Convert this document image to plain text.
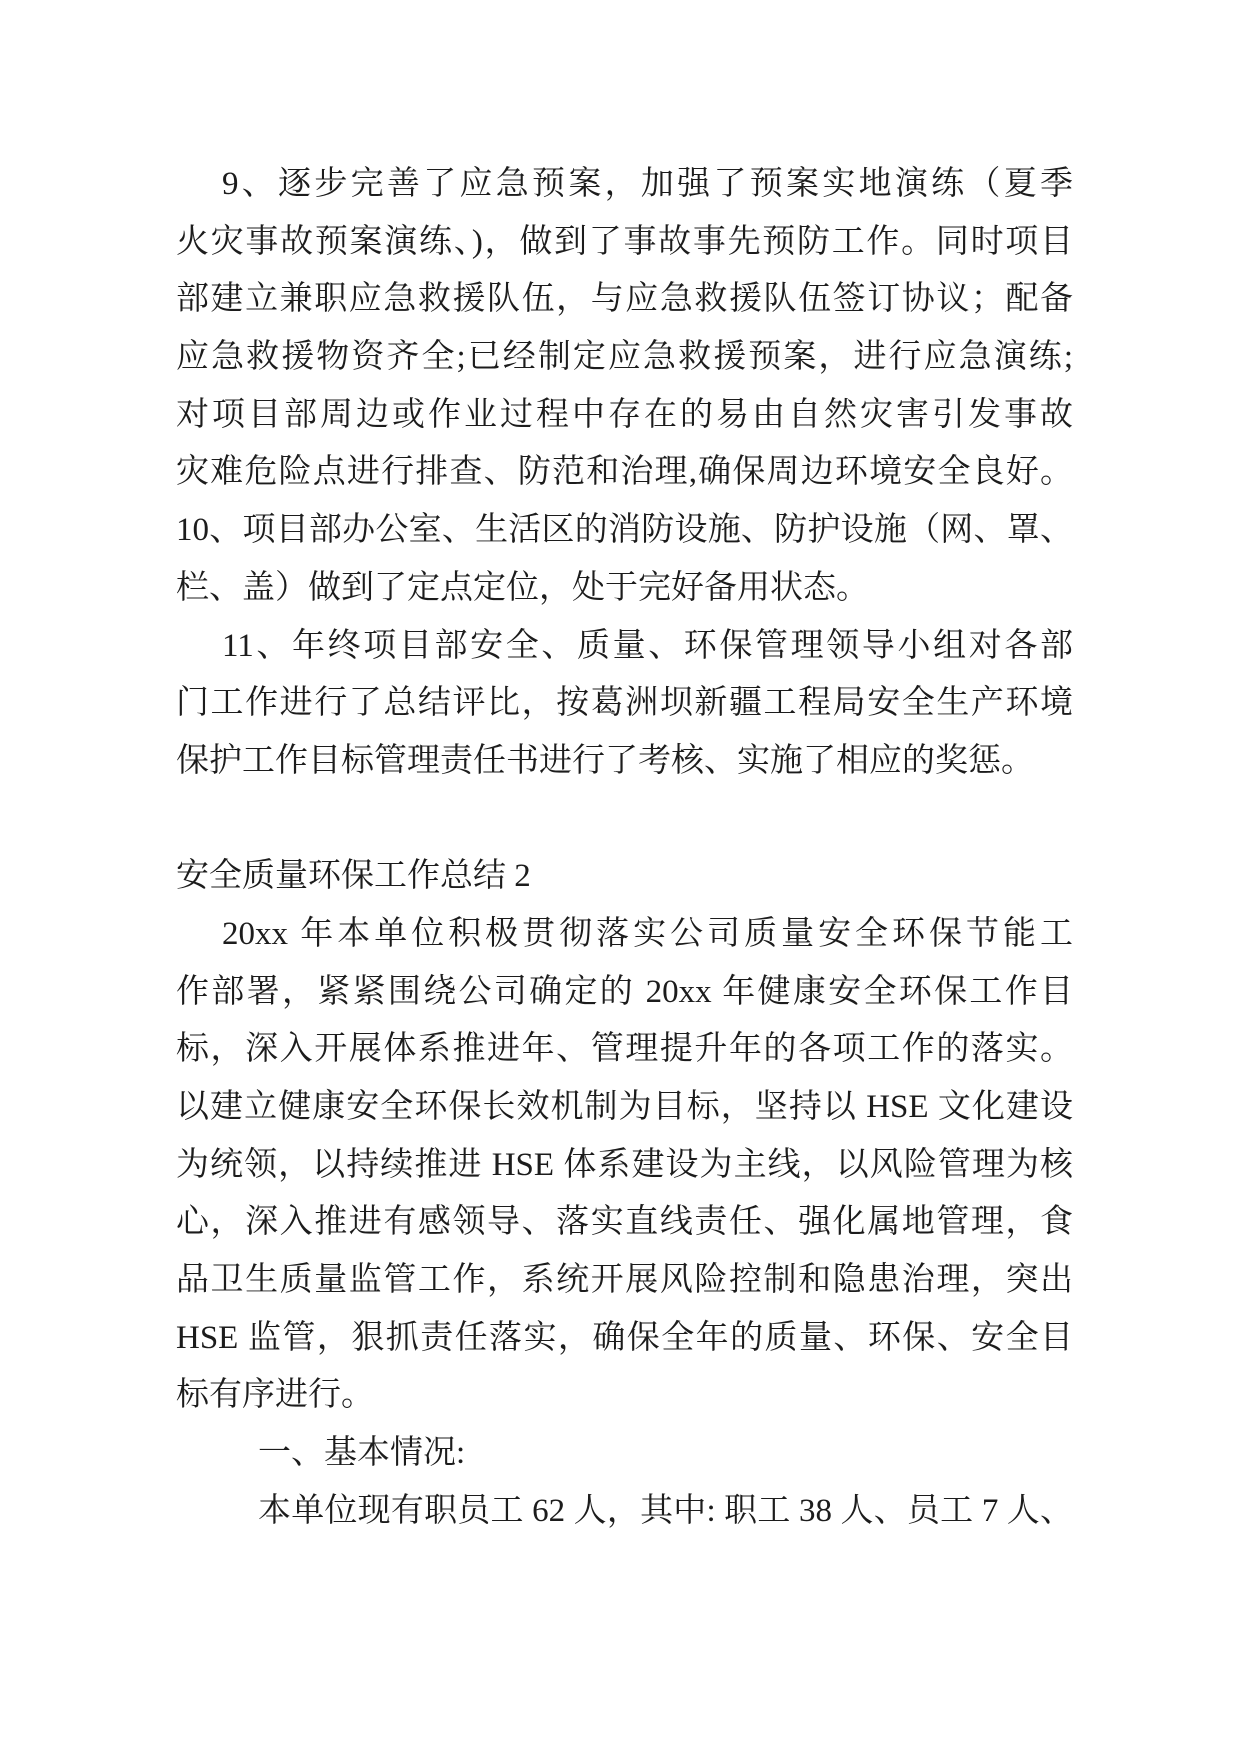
9、逐步完善了应急预案，加强了预案实地演练（夏季
火灾事故预案演练、)，做到了事故事先预防工作。同时项目
部建立兼职应急救援队伍，与应急救援队伍签订协议；配备
应急救援物资齐全;已经制定应急救援预案，进行应急演练;
对项目部周边或作业过程中存在的易由自然灾害引发事故
灾难危险点进行排查、防范和治理,确保周边环境安全良好。
10、项目部办公室、生活区的消防设施、防护设施（网、罩、
栏、盖）做到了定点定位，处于完好备用状态。
11、年终项目部安全、质量、环保管理领导小组对各部
门工作进行了总结评比，按葛洲坝新疆工程局安全生产环境
保护工作目标管理责任书进行了考核、实施了相应的奖惩。
安全质量环保工作总结 2
20xx 年本单位积极贯彻落实公司质量安全环保节能工
作部署，紧紧围绕公司确定的 20xx 年健康安全环保工作目
标，深入开展体系推进年、管理提升年的各项工作的落实。
以建立健康安全环保长效机制为目标，坚持以 HSE 文化建设
为统领，以持续推进 HSE 体系建设为主线，以风险管理为核
心，深入推进有感领导、落实直线责任、强化属地管理，食
品卫生质量监管工作，系统开展风险控制和隐患治理，突出
HSE 监管，狠抓责任落实，确保全年的质量、环保、安全目
标有序进行。
一、基本情况:
本单位现有职员工 62 人，其中: 职工 38 人、员工 7 人、
